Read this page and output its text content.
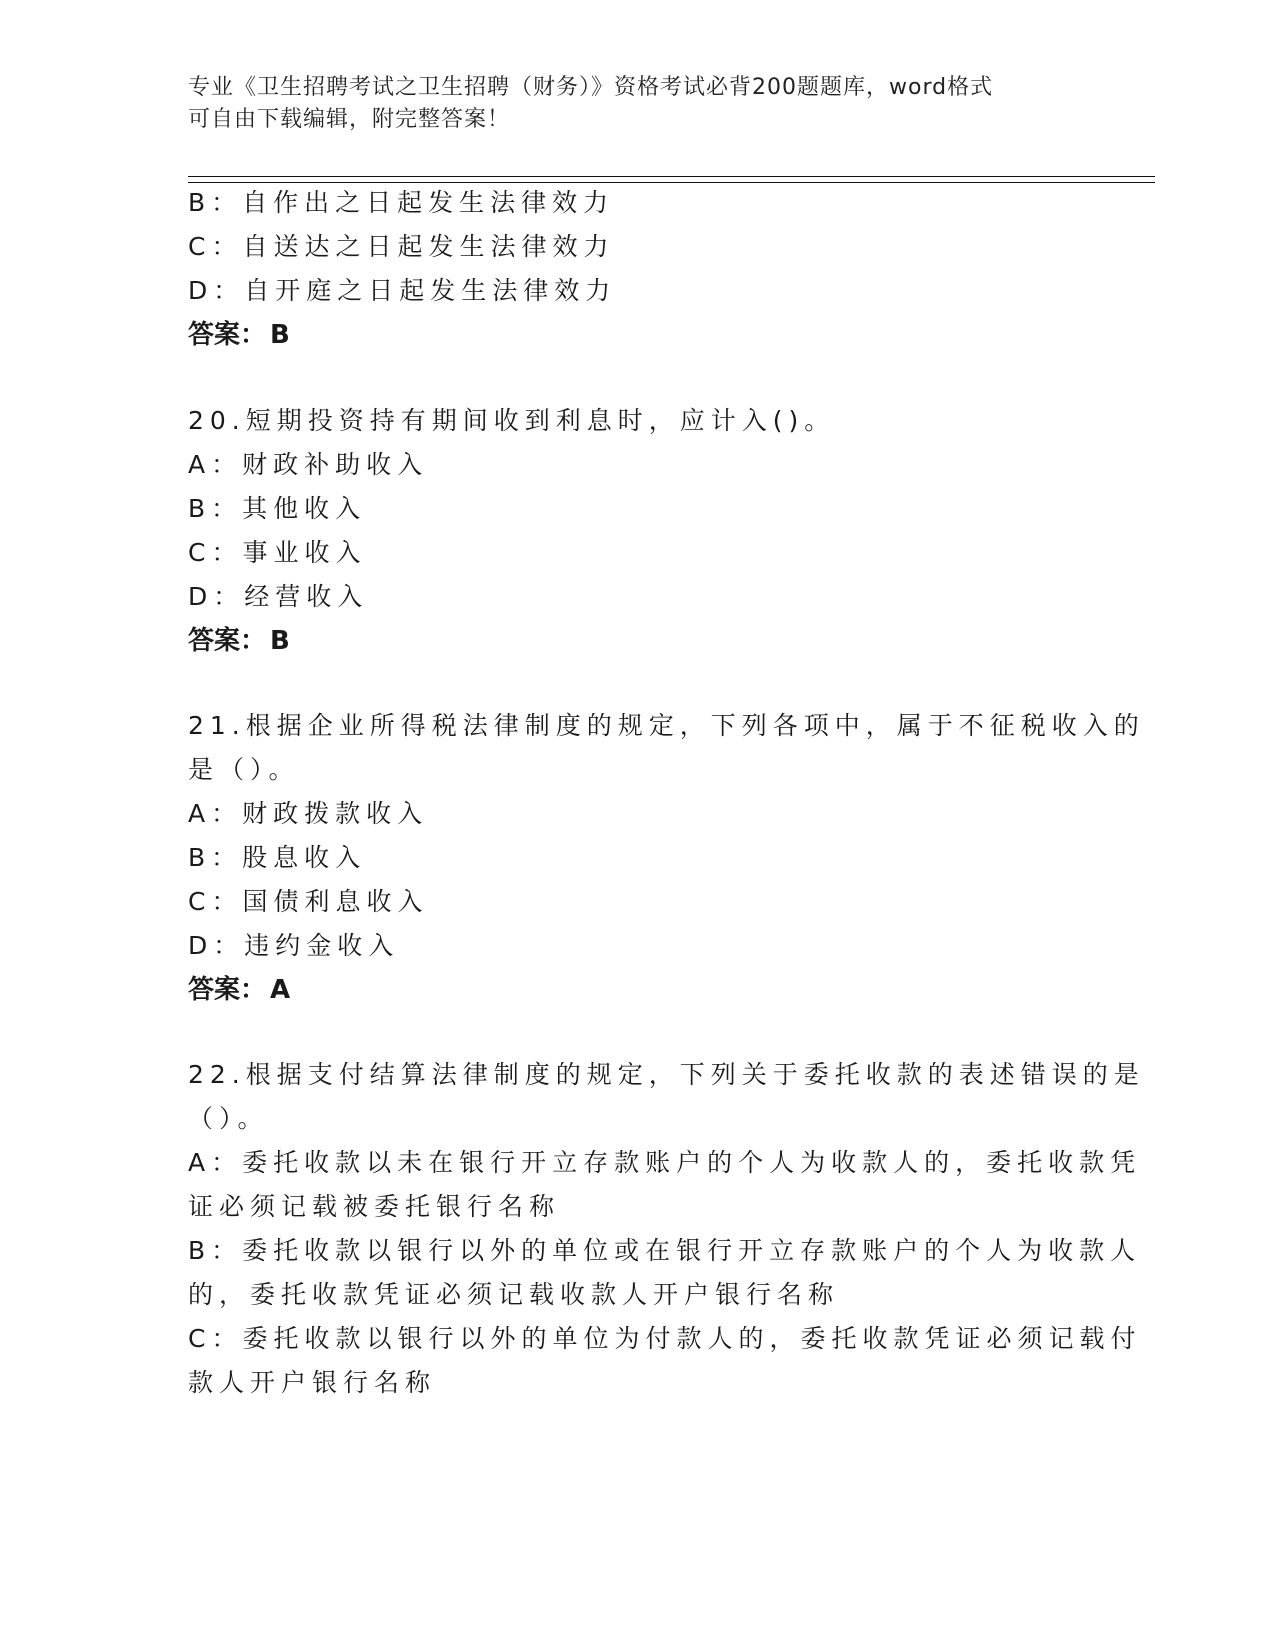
专业《卫生招聘考试之卫生招聘（财务）》资格考试必背200题题库，word格式
可自由下载编辑，附完整答案！
B：自作出之日起发生法律效力
C：自送达之日起发生法律效力
D：自开庭之日起发生法律效力
答案： B
20.短期投资持有期间收到利息时，应计入()。
A：财政补助收入
B：其他收入
C：事业收入
D：经营收入
答案： B
21.根据企业所得税法律制度的规定，下列各项中，属于不征税收入的
是（）。
A：财政拨款收入
B：股息收入
C：国债利息收入
D：违约金收入
答案： A
22.根据支付结算法律制度的规定，下列关于委托收款的表述错误的是
（）。
A：委托收款以未在银行开立存款账户的个人为收款人的，委托收款凭
证必须记载被委托银行名称
B：委托收款以银行以外的单位或在银行开立存款账户的个人为收款人
的，委托收款凭证必须记载收款人开户银行名称
C：委托收款以银行以外的单位为付款人的，委托收款凭证必须记载付
款人开户银行名称
